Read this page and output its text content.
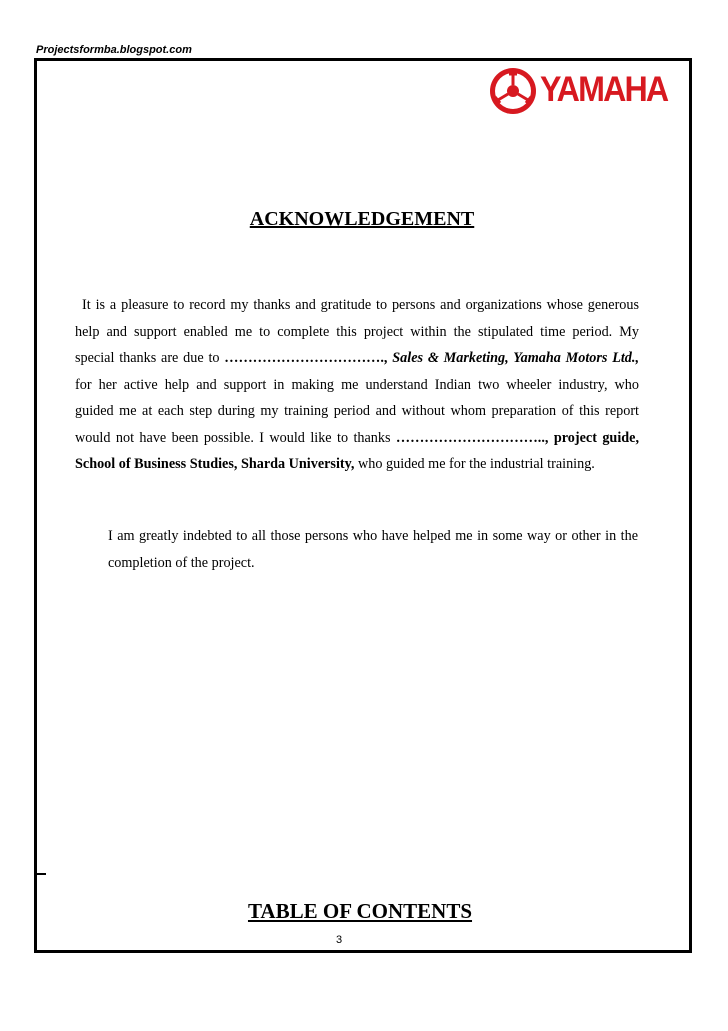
Projectsformba.blogspot.com
YAMAHA
ACKNOWLEDGEMENT
It is a pleasure to record my thanks and gratitude to persons and organizations whose generous
help and support enabled me to complete this project within the stipulated time period. My
special thanks are due to ……………………………., Sales & Marketing, Yamaha Motors Ltd.,
for her active help and support in making me understand Indian two wheeler industry, who
guided me at each step during my training period and without whom preparation of this report
would not have been possible. I would like to thanks ………………………….., project guide,
School of Business Studies, Sharda University, who guided me for the industrial training.
I am greatly indebted to all those persons who have helped me in some way or other in the
completion of the project.
TABLE OF CONTENTS
3
